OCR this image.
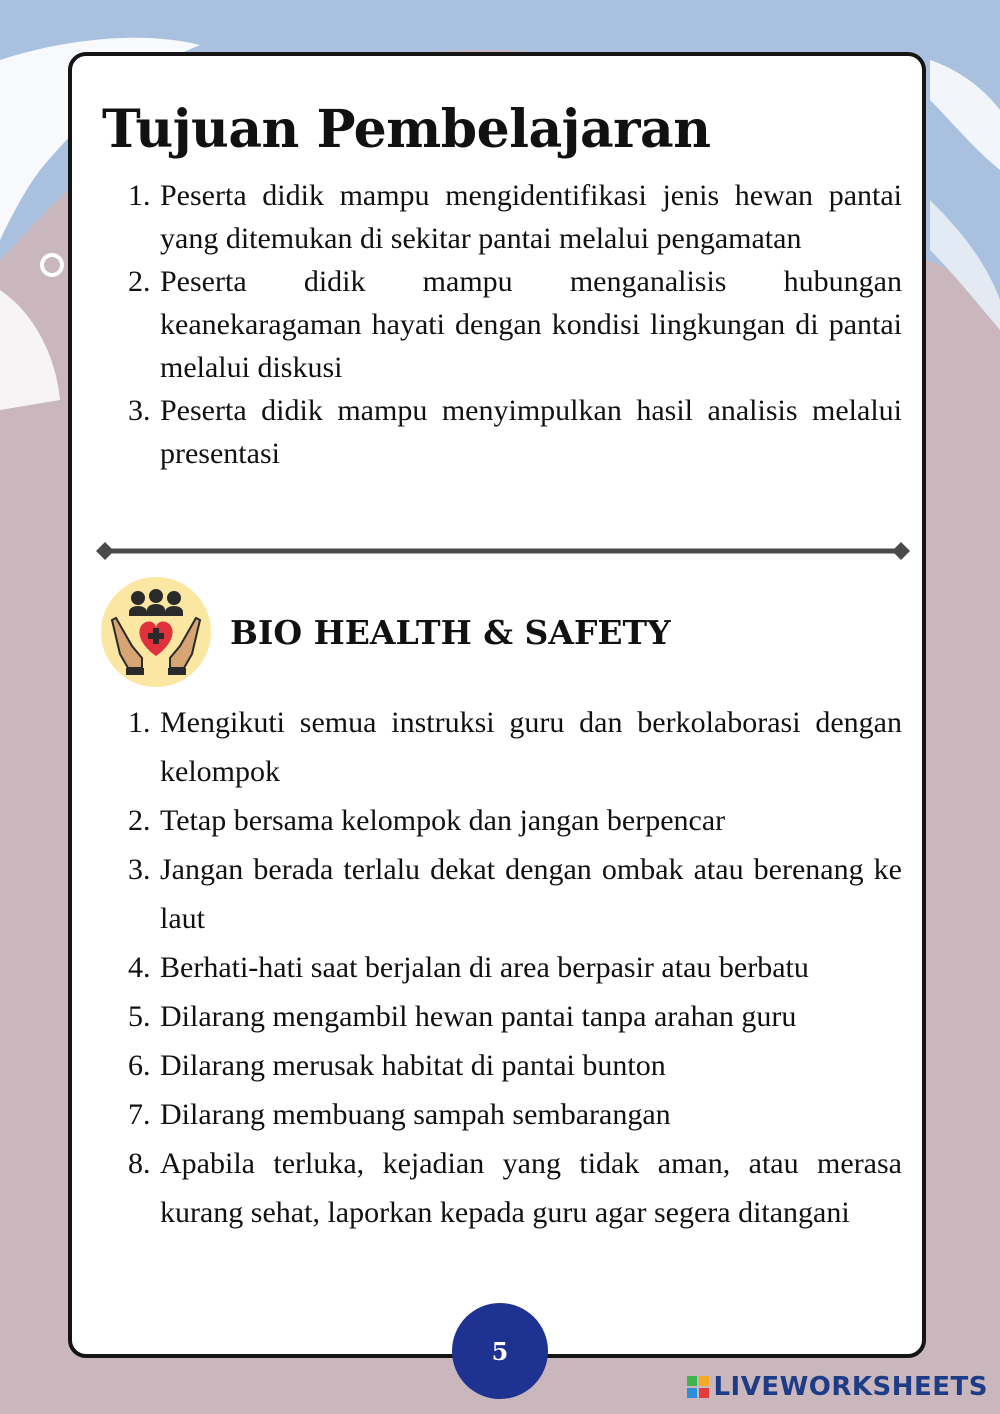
Tujuan Pembelajaran
1. Peserta didik mampu mengidentifikasi jenis hewan pantai yang ditemukan di sekitar pantai melalui pengamatan
2. Peserta didik mampu menganalisis hubungan keanekaragaman hayati dengan kondisi lingkungan di pantai melalui diskusi
3. Peserta didik mampu menyimpulkan hasil analisis melalui presentasi
BIO HEALTH & SAFETY
1. Mengikuti semua instruksi guru dan berkolaborasi dengan kelompok
2. Tetap bersama kelompok dan jangan berpencar
3. Jangan berada terlalu dekat dengan ombak atau berenang ke laut
4. Berhati-hati saat berjalan di area berpasir atau berbatu
5. Dilarang mengambil hewan pantai tanpa arahan guru
6. Dilarang merusak habitat di pantai bunton
7. Dilarang membuang sampah sembarangan
8. Apabila terluka, kejadian yang tidak aman, atau merasa kurang sehat, laporkan kepada guru agar segera ditangani
5
LIVEWORKSHEETS
